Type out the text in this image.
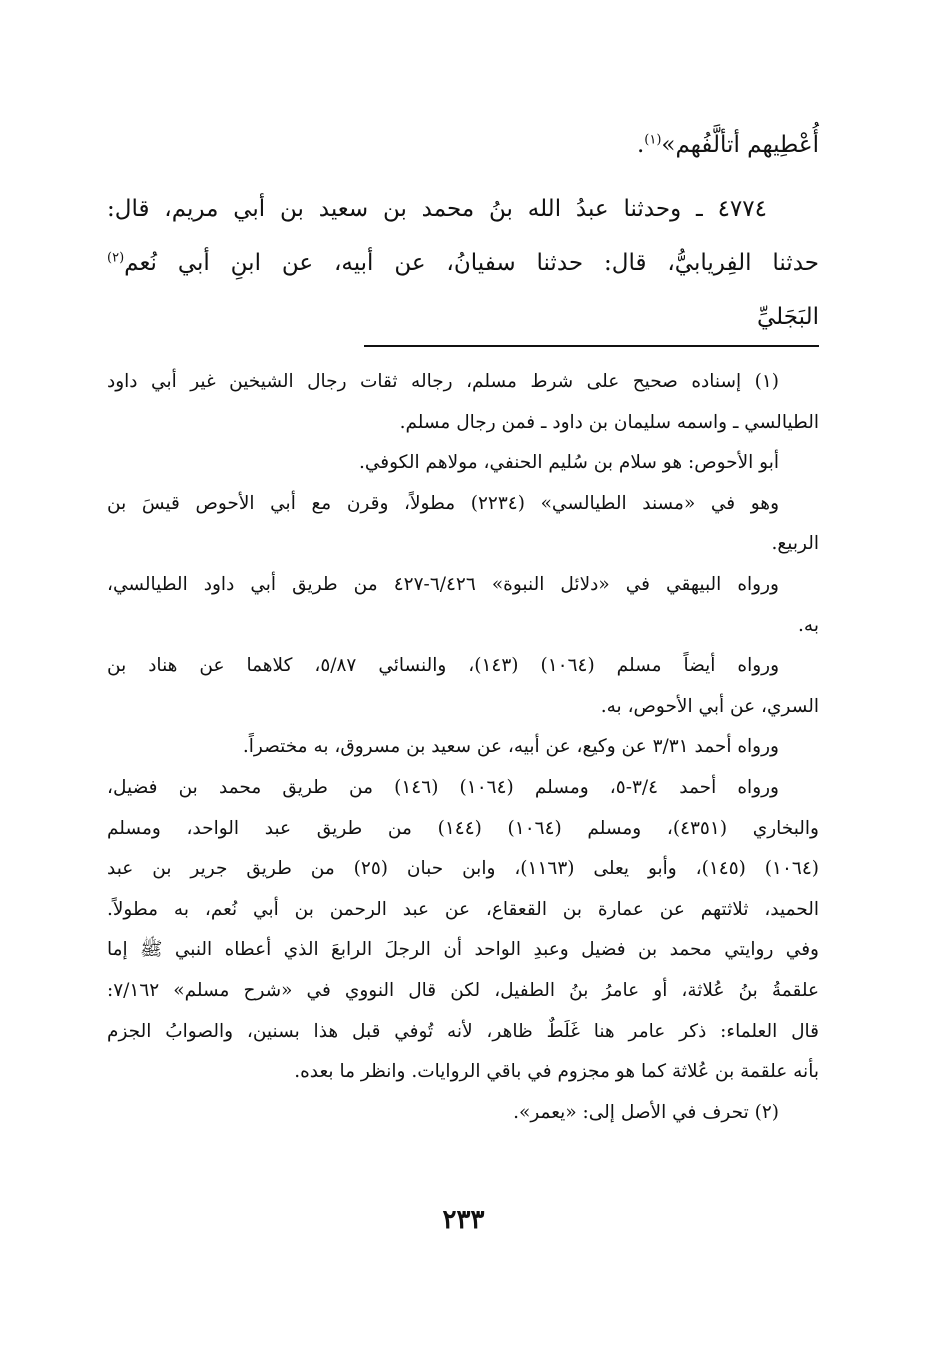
أُعْطِيهم أتألَّفُهم»$^{(١)}$.
٤٧٧٤ ـ وحدثنا عبدُ الله بنُ محمد بن سعيد بن أبي مريم، قال:
حدثنا الفِريابيُّ، قال: حدثنا سفيانُ، عن أبيه، عن ابنِ أبي نُعم$^{(٢)}$
البَجَليِّ
(١) إسناده صحيح على شرط مسلم، رجاله ثقات رجال الشيخين غير أبي داود
الطيالسي ـ واسمه سليمان بن داود ـ فمن رجال مسلم.
أبو الأحوص: هو سلام بن سُليم الحنفي، مولاهم الكوفي.
وهو في «مسند الطيالسي» (٢٢٣٤) مطولاً، وقرن مع أبي الأحوص قيسَ بن
الربيع.
ورواه البيهقي في «دلائل النبوة» ٦/٤٢٦-٤٢٧ من طريق أبي داود الطيالسي،
به.
ورواه أيضاً مسلم (١٠٦٤) (١٤٣)، والنسائي ٥/٨٧، كلاهما عن هناد بن
السري، عن أبي الأحوص، به.
ورواه أحمد ٣/٣١ عن وكيع، عن أبيه، عن سعيد بن مسروق، به مختصراً.
ورواه أحمد ٣/٤-٥، ومسلم (١٠٦٤) (١٤٦) من طريق محمد بن فضيل،
والبخاري (٤٣٥١)، ومسلم (١٠٦٤) (١٤٤) من طريق عبد الواحد، ومسلم
(١٠٦٤) (١٤٥)، وأبو يعلى (١١٦٣)، وابن حبان (٢٥) من طريق جرير بن عبد
الحميد، ثلاثتهم عن عمارة بن القعقاع، عن عبد الرحمن بن أبي نُعم، به مطولاً.
وفي روايتي محمد بن فضيل وعبدِ الواحد أن الرجلَ الرابعَ الذي أعطاه النبي ﷺ إما
علقمةُ بنُ عُلاثة، أو عامرُ بنُ الطفيل، لكن قال النووي في «شرح مسلم» ٧/١٦٢:
قال العلماء: ذكر عامر هنا غَلَطٌ ظاهر، لأنه تُوفي قبل هذا بسنين، والصوابُ الجزم
بأنه علقمة بن عُلاثة كما هو مجزوم في باقي الروايات. وانظر ما بعده.
(٢) تحرف في الأصل إلى: «يعمر».
٢٣٣
